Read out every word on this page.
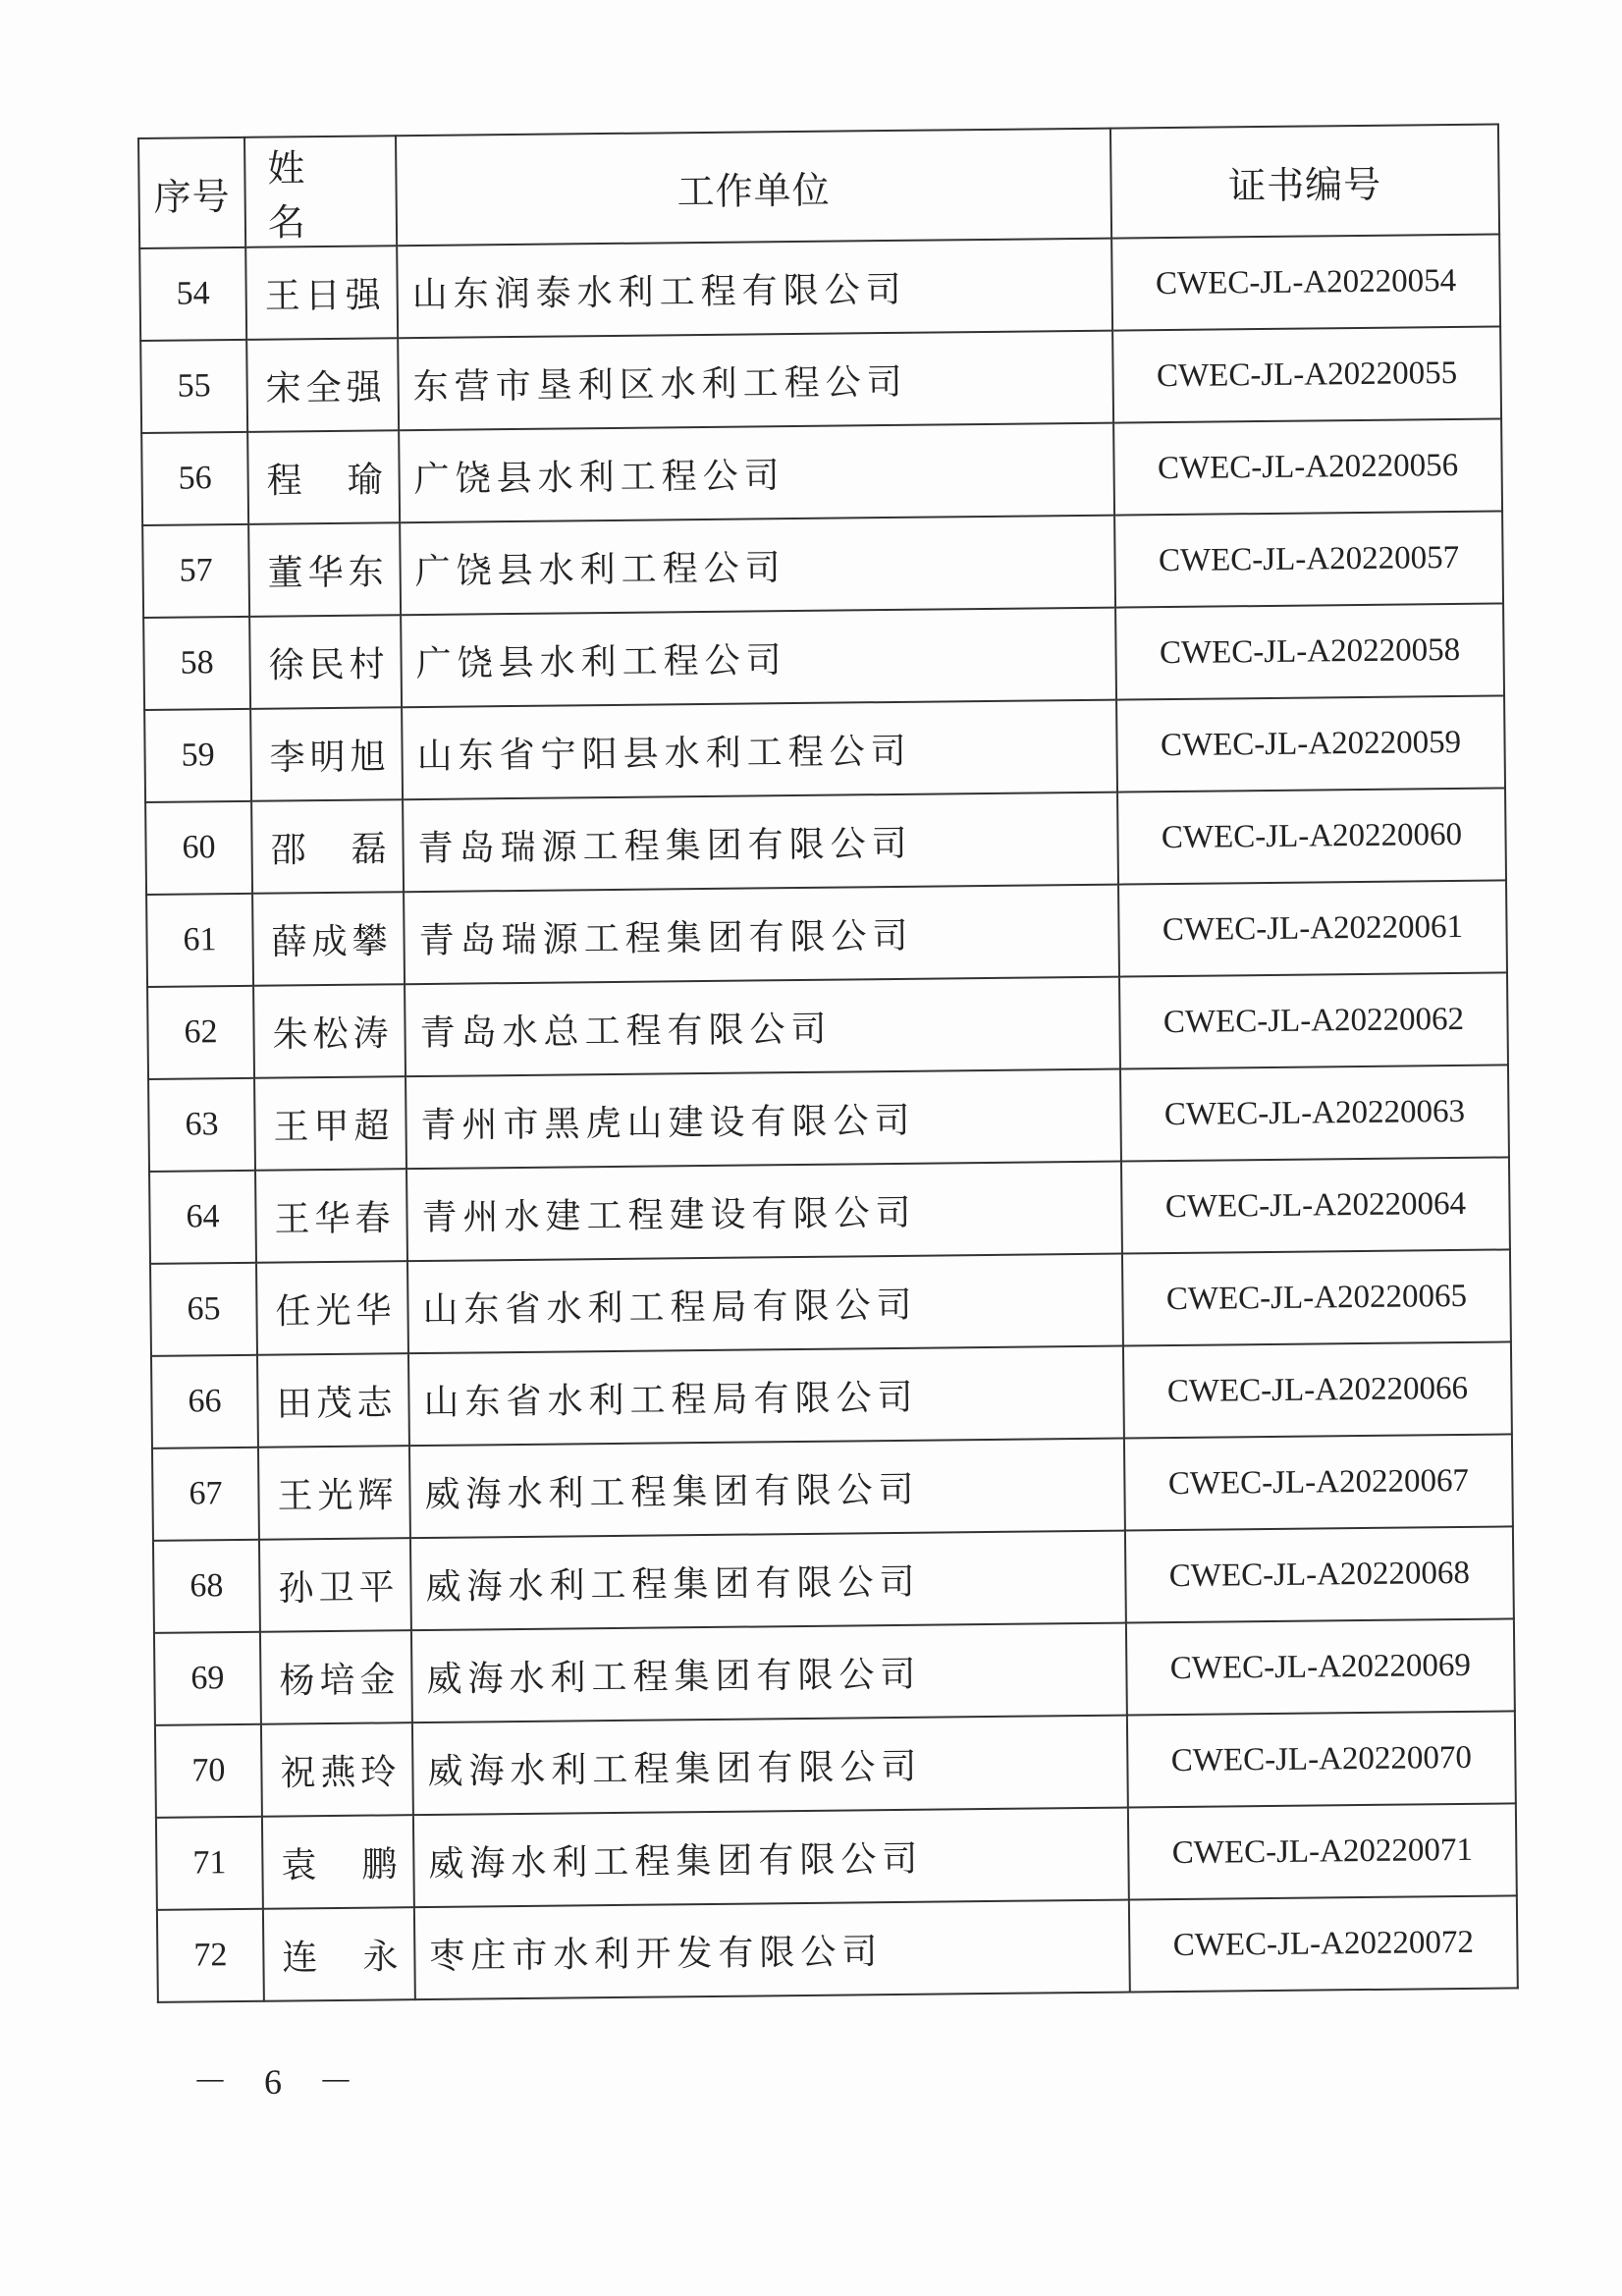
序号	姓　名	工作单位	证书编号
54	王日强	山东润泰水利工程有限公司	CWEC-JL-A20220054
55	宋全强	东营市垦利区水利工程公司	CWEC-JL-A20220055
56	程　瑜	广饶县水利工程公司	CWEC-JL-A20220056
57	董华东	广饶县水利工程公司	CWEC-JL-A20220057
58	徐民村	广饶县水利工程公司	CWEC-JL-A20220058
59	李明旭	山东省宁阳县水利工程公司	CWEC-JL-A20220059
60	邵　磊	青岛瑞源工程集团有限公司	CWEC-JL-A20220060
61	薛成攀	青岛瑞源工程集团有限公司	CWEC-JL-A20220061
62	朱松涛	青岛水总工程有限公司	CWEC-JL-A20220062
63	王甲超	青州市黑虎山建设有限公司	CWEC-JL-A20220063
64	王华春	青州水建工程建设有限公司	CWEC-JL-A20220064
65	任光华	山东省水利工程局有限公司	CWEC-JL-A20220065
66	田茂志	山东省水利工程局有限公司	CWEC-JL-A20220066
67	王光辉	威海水利工程集团有限公司	CWEC-JL-A20220067
68	孙卫平	威海水利工程集团有限公司	CWEC-JL-A20220068
69	杨培金	威海水利工程集团有限公司	CWEC-JL-A20220069
70	祝燕玲	威海水利工程集团有限公司	CWEC-JL-A20220070
71	袁　鹏	威海水利工程集团有限公司	CWEC-JL-A20220071
72	连　永	枣庄市水利开发有限公司	CWEC-JL-A20220072
－ 6 －
